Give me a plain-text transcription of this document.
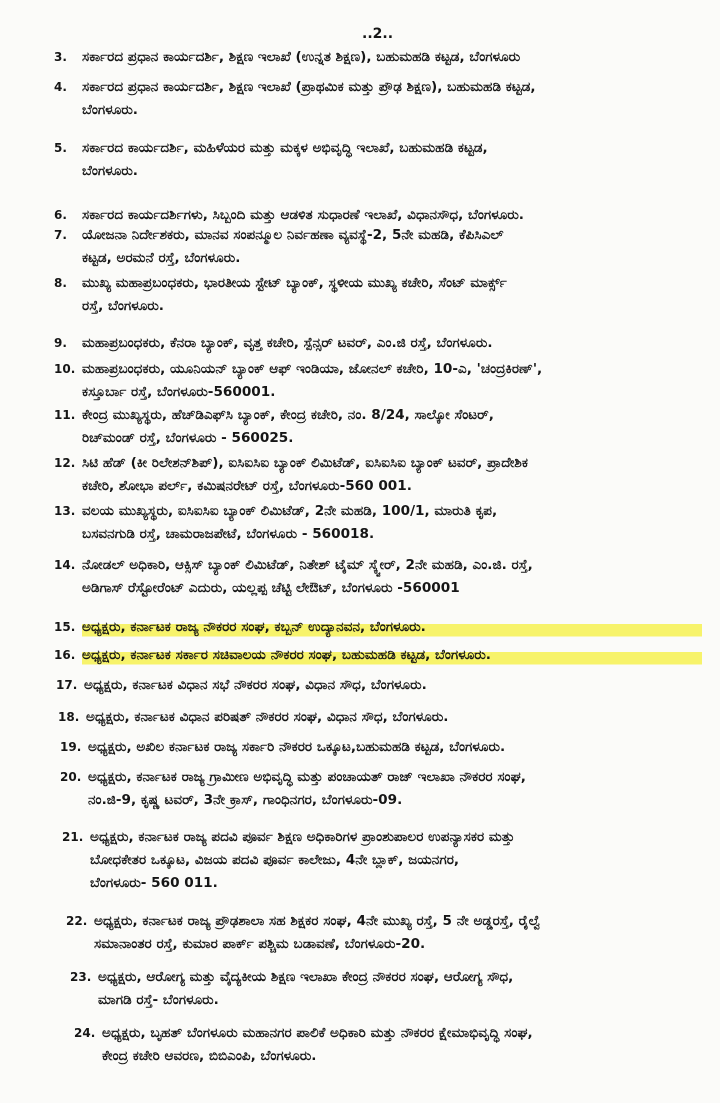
..2..
3.	ಸರ್ಕಾರದ ಪ್ರಧಾನ ಕಾರ್ಯದರ್ಶಿ, ಶಿಕ್ಷಣ ಇಲಾಖೆ (ಉನ್ನತ ಶಿಕ್ಷಣ), ಬಹುಮಹಡಿ ಕಟ್ಟಡ, ಬೆಂಗಳೂರು
4.	ಸರ್ಕಾರದ ಪ್ರಧಾನ ಕಾರ್ಯದರ್ಶಿ, ಶಿಕ್ಷಣ ಇಲಾಖೆ (ಪ್ರಾಥಮಿಕ ಮತ್ತು ಪ್ರೌಢ ಶಿಕ್ಷಣ), ಬಹುಮಹಡಿ ಕಟ್ಟಡ,
ಬೆಂಗಳೂರು.
5.	ಸರ್ಕಾರದ ಕಾರ್ಯದರ್ಶಿ, ಮಹಿಳೆಯರ ಮತ್ತು ಮಕ್ಕಳ ಅಭಿವೃದ್ಧಿ ಇಲಾಖೆ, ಬಹುಮಹಡಿ ಕಟ್ಟಡ,
ಬೆಂಗಳೂರು.
6.	ಸರ್ಕಾರದ ಕಾರ್ಯದರ್ಶಿಗಳು, ಸಿಬ್ಬಂದಿ ಮತ್ತು ಆಡಳಿತ ಸುಧಾರಣೆ ಇಲಾಖೆ, ವಿಧಾನಸೌಧ, ಬೆಂಗಳೂರು.
7.	ಯೋಜನಾ ನಿರ್ದೇಶಕರು, ಮಾನವ ಸಂಪನ್ಮೂಲ ನಿರ್ವಹಣಾ ವ್ಯವಸ್ಥೆ-2, 5ನೇ ಮಹಡಿ, ಕೆಪಿಸಿಎಲ್
ಕಟ್ಟಡ, ಅರಮನೆ ರಸ್ತೆ, ಬೆಂಗಳೂರು.
8.	ಮುಖ್ಯ ಮಹಾಪ್ರಬಂಧಕರು, ಭಾರತೀಯ ಸ್ಟೇಟ್ ಬ್ಯಾಂಕ್, ಸ್ಥಳೀಯ ಮುಖ್ಯ ಕಚೇರಿ, ಸೆಂಟ್ ಮಾರ್ಕ್ಸ್
ರಸ್ತೆ, ಬೆಂಗಳೂರು.
9.	ಮಹಾಪ್ರಬಂಧಕರು, ಕೆನರಾ ಬ್ಯಾಂಕ್, ವೃತ್ತ ಕಚೇರಿ, ಸ್ಪೆನ್ಸರ್ ಟವರ್, ಎಂ.ಜಿ ರಸ್ತೆ, ಬೆಂಗಳೂರು.
10. ಮಹಾಪ್ರಬಂಧಕರು, ಯೂನಿಯನ್ ಬ್ಯಾಂಕ್ ಆಫ್ ಇಂಡಿಯಾ, ಜೋನಲ್ ಕಚೇರಿ, 10-ಎ, 'ಚಂದ್ರಕಿರಣ್',
ಕಸ್ತೂರ್ಬಾ ರಸ್ತೆ, ಬೆಂಗಳೂರು-560001.
11. ಕೇಂದ್ರ ಮುಖ್ಯಸ್ಥರು, ಹೆಚ್‌ಡಿಎಫ್‌ಸಿ ಬ್ಯಾಂಕ್, ಕೇಂದ್ರ ಕಚೇರಿ, ನಂ. 8/24, ಸಾಲ್ಕೋ ಸೆಂಟರ್,
ರಿಚ್‌ಮಂಡ್ ರಸ್ತೆ, ಬೆಂಗಳೂರು - 560025.
12. ಸಿಟಿ ಹೆಡ್ (ಕೀ ರಿಲೇಶನ್‌ಶಿಪ್), ಐಸಿಐಸಿಐ ಬ್ಯಾಂಕ್ ಲಿಮಿಟೆಡ್, ಐಸಿಐಸಿಐ ಬ್ಯಾಂಕ್ ಟವರ್, ಪ್ರಾದೇಶಿಕ
ಕಚೇರಿ, ಶೋಭಾ ಪರ್ಲ್, ಕಮಿಷನರೇಟ್ ರಸ್ತೆ, ಬೆಂಗಳೂರು-560 001.
13. ವಲಯ ಮುಖ್ಯಸ್ಥರು, ಐಸಿಐಸಿಐ ಬ್ಯಾಂಕ್ ಲಿಮಿಟೆಡ್, 2ನೇ ಮಹಡಿ, 100/1, ಮಾರುತಿ ಕೃಪ,
ಬಸವನಗುಡಿ ರಸ್ತೆ, ಚಾಮರಾಜಪೇಟೆ, ಬೆಂಗಳೂರು - 560018.
14. ನೋಡಲ್ ಅಧಿಕಾರಿ, ಆಕ್ಸಿಸ್ ಬ್ಯಾಂಕ್ ಲಿಮಿಟೆಡ್, ನಿತೇಶ್ ಟೈಮ್ ಸ್ಕ್ವೇರ್, 2ನೇ ಮಹಡಿ, ಎಂ.ಜಿ. ರಸ್ತೆ,
ಅಡಿಗಾಸ್ ರೆಸ್ಟೋರೆಂಟ್ ಎದುರು, ಯಲ್ಲಪ್ಪ ಚೆಟ್ಟಿ ಲೇಔಟ್, ಬೆಂಗಳೂರು -560001
15. ಅಧ್ಯಕ್ಷರು, ಕರ್ನಾಟಕ ರಾಜ್ಯ ನೌಕರರ ಸಂಘ, ಕಬ್ಬನ್ ಉದ್ಯಾನವನ, ಬೆಂಗಳೂರು.
16. ಅಧ್ಯಕ್ಷರು, ಕರ್ನಾಟಕ ಸರ್ಕಾರ ಸಚಿವಾಲಯ ನೌಕರರ ಸಂಘ, ಬಹುಮಹಡಿ ಕಟ್ಟಡ, ಬೆಂಗಳೂರು.
17. ಅಧ್ಯಕ್ಷರು, ಕರ್ನಾಟಕ ವಿಧಾನ ಸಭೆ ನೌಕರರ ಸಂಘ, ವಿಧಾನ ಸೌಧ, ಬೆಂಗಳೂರು.
18. ಅಧ್ಯಕ್ಷರು, ಕರ್ನಾಟಕ ವಿಧಾನ ಪರಿಷತ್ ನೌಕರರ ಸಂಘ, ವಿಧಾನ ಸೌಧ, ಬೆಂಗಳೂರು.
19. ಅಧ್ಯಕ್ಷರು, ಅಖಿಲ ಕರ್ನಾಟಕ ರಾಜ್ಯ ಸರ್ಕಾರಿ ನೌಕರರ ಒಕ್ಕೂಟ,ಬಹುಮಹಡಿ ಕಟ್ಟಡ, ಬೆಂಗಳೂರು.
20. ಅಧ್ಯಕ್ಷರು, ಕರ್ನಾಟಕ ರಾಜ್ಯ ಗ್ರಾಮೀಣ ಅಭಿವೃದ್ಧಿ ಮತ್ತು ಪಂಚಾಯತ್ ರಾಜ್ ಇಲಾಖಾ ನೌಕರರ ಸಂಘ,
ನಂ.ಜಿ-9, ಕೃಷ್ಣ ಟವರ್, 3ನೇ ಕ್ರಾಸ್, ಗಾಂಧಿನಗರ, ಬೆಂಗಳೂರು-09.
21. ಅಧ್ಯಕ್ಷರು, ಕರ್ನಾಟಕ ರಾಜ್ಯ ಪದವಿ ಪೂರ್ವ ಶಿಕ್ಷಣ ಅಧಿಕಾರಿಗಳ ಪ್ರಾಂಶುಪಾಲರ ಉಪನ್ಯಾಸಕರ ಮತ್ತು
ಬೋಧಕೇತರ ಒಕ್ಕೂಟ, ವಿಜಯ ಪದವಿ ಪೂರ್ವ ಕಾಲೇಜು, 4ನೇ ಬ್ಲಾಕ್, ಜಯನಗರ,
ಬೆಂಗಳೂರು- 560 011.
22. ಅಧ್ಯಕ್ಷರು, ಕರ್ನಾಟಕ ರಾಜ್ಯ ಪ್ರೌಢಶಾಲಾ ಸಹ ಶಿಕ್ಷಕರ ಸಂಘ, 4ನೇ ಮುಖ್ಯ ರಸ್ತೆ, 5 ನೇ ಅಡ್ಡರಸ್ತೆ, ರೈಲ್ವೆ
ಸಮಾನಾಂತರ ರಸ್ತೆ, ಕುಮಾರ ಪಾರ್ಕ್ ಪಶ್ಚಿಮ ಬಡಾವಣೆ, ಬೆಂಗಳೂರು-20.
23. ಅಧ್ಯಕ್ಷರು, ಆರೋಗ್ಯ ಮತ್ತು ವೈದ್ಯಕೀಯ ಶಿಕ್ಷಣ ಇಲಾಖಾ ಕೇಂದ್ರ ನೌಕರರ ಸಂಘ, ಆರೋಗ್ಯ ಸೌಧ,
ಮಾಗಡಿ ರಸ್ತೆ- ಬೆಂಗಳೂರು.
24. ಅಧ್ಯಕ್ಷರು, ಬೃಹತ್ ಬೆಂಗಳೂರು ಮಹಾನಗರ ಪಾಲಿಕೆ ಅಧಿಕಾರಿ ಮತ್ತು ನೌಕರರ ಕ್ಷೇಮಾಭಿವೃದ್ಧಿ ಸಂಘ,
ಕೇಂದ್ರ ಕಚೇರಿ ಆವರಣ, ಬಿಬಿಎಂಪಿ, ಬೆಂಗಳೂರು.
